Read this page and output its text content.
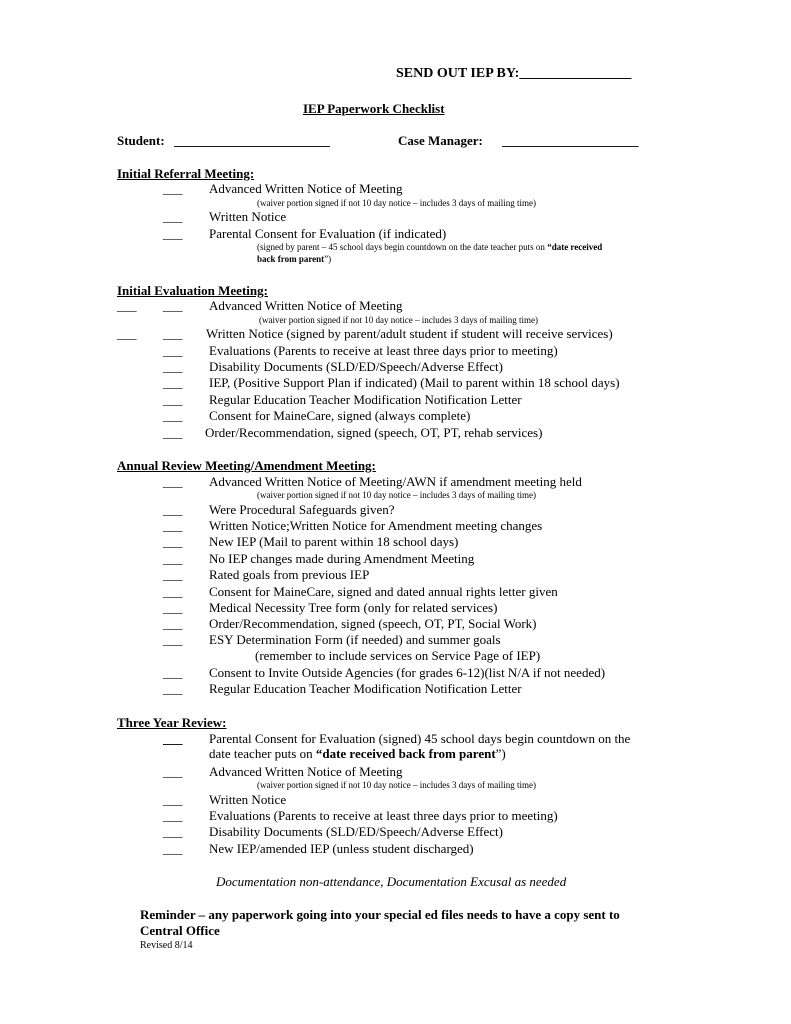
SEND OUT IEP BY:________________
IEP Paperwork Checklist
Student: ________________________	Case Manager: _____________________
Initial Referral Meeting:
___ Advanced Written Notice of Meeting
(waiver portion signed if not 10 day notice – includes 3 days of mailing time)
___ Written Notice
___ Parental Consent for Evaluation (if indicated)
(signed by parent – 45 school days begin countdown on the date teacher puts on “date received
back from parent”)
Initial Evaluation Meeting:
___ ___ Advanced Written Notice of Meeting
(waiver portion signed if not 10 day notice – includes 3 days of mailing time)
___ ___ Written Notice (signed by parent/adult student if student will receive services)
___ Evaluations (Parents to receive at least three days prior to meeting)
___ Disability Documents (SLD/ED/Speech/Adverse Effect)
___ IEP, (Positive Support Plan if indicated) (Mail to parent within 18 school days)
___ Regular Education Teacher Modification Notification Letter
___ Consent for MaineCare, signed (always complete)
___ Order/Recommendation, signed (speech, OT, PT, rehab services)
Annual Review Meeting/Amendment Meeting:
___ Advanced Written Notice of Meeting/AWN if amendment meeting held
(waiver portion signed if not 10 day notice – includes 3 days of mailing time)
___ Were Procedural Safeguards given?
___ Written Notice;Written Notice for Amendment meeting changes
___ New IEP (Mail to parent within 18 school days)
___ No IEP changes made during Amendment Meeting
___ Rated goals from previous IEP
___ Consent for MaineCare, signed and dated annual rights letter given
___ Medical Necessity Tree form (only for related services)
___ Order/Recommendation, signed (speech, OT, PT, Social Work)
___ ESY Determination Form (if needed) and summer goals
(remember to include services on Service Page of IEP)
___ Consent to Invite Outside Agencies (for grades 6-12)(list N/A if not needed)
___ Regular Education Teacher Modification Notification Letter
Three Year Review:
___ Parental Consent for Evaluation (signed) 45 school days begin countdown on the
date teacher puts on “date received back from parent”)
___ Advanced Written Notice of Meeting
(waiver portion signed if not 10 day notice – includes 3 days of mailing time)
___ Written Notice
___ Evaluations (Parents to receive at least three days prior to meeting)
___ Disability Documents (SLD/ED/Speech/Adverse Effect)
___ New IEP/amended IEP (unless student discharged)
Documentation non-attendance, Documentation Excusal as needed
Reminder – any paperwork going into your special ed files needs to have a copy sent to
Central Office
Revised 8/14
